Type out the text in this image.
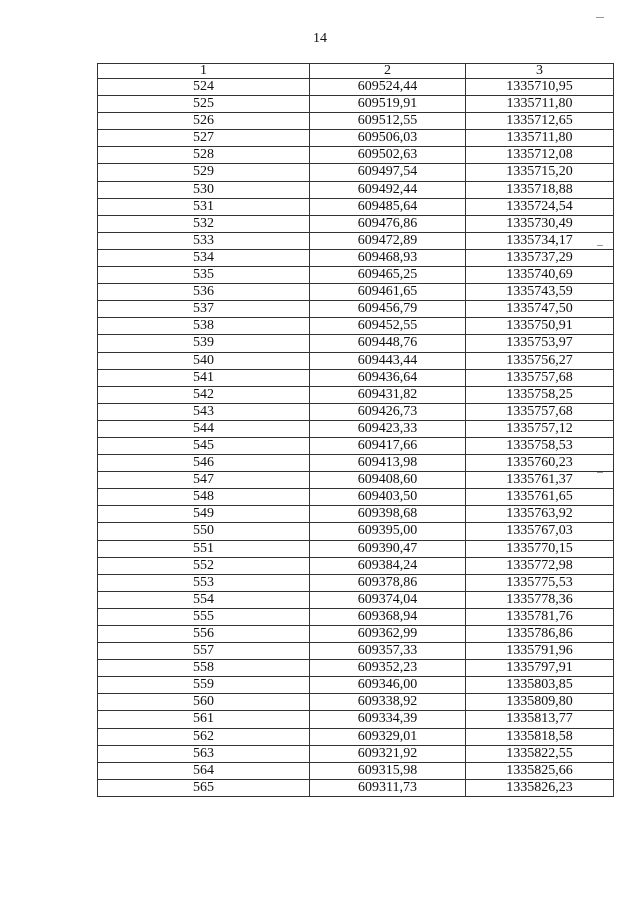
14
1	2	3
524	609524,44	1335710,95
525	609519,91	1335711,80
526	609512,55	1335712,65
527	609506,03	1335711,80
528	609502,63	1335712,08
529	609497,54	1335715,20
530	609492,44	1335718,88
531	609485,64	1335724,54
532	609476,86	1335730,49
533	609472,89	1335734,17
534	609468,93	1335737,29
535	609465,25	1335740,69
536	609461,65	1335743,59
537	609456,79	1335747,50
538	609452,55	1335750,91
539	609448,76	1335753,97
540	609443,44	1335756,27
541	609436,64	1335757,68
542	609431,82	1335758,25
543	609426,73	1335757,68
544	609423,33	1335757,12
545	609417,66	1335758,53
546	609413,98	1335760,23
547	609408,60	1335761,37
548	609403,50	1335761,65
549	609398,68	1335763,92
550	609395,00	1335767,03
551	609390,47	1335770,15
552	609384,24	1335772,98
553	609378,86	1335775,53
554	609374,04	1335778,36
555	609368,94	1335781,76
556	609362,99	1335786,86
557	609357,33	1335791,96
558	609352,23	1335797,91
559	609346,00	1335803,85
560	609338,92	1335809,80
561	609334,39	1335813,77
562	609329,01	1335818,58
563	609321,92	1335822,55
564	609315,98	1335825,66
565	609311,73	1335826,23
